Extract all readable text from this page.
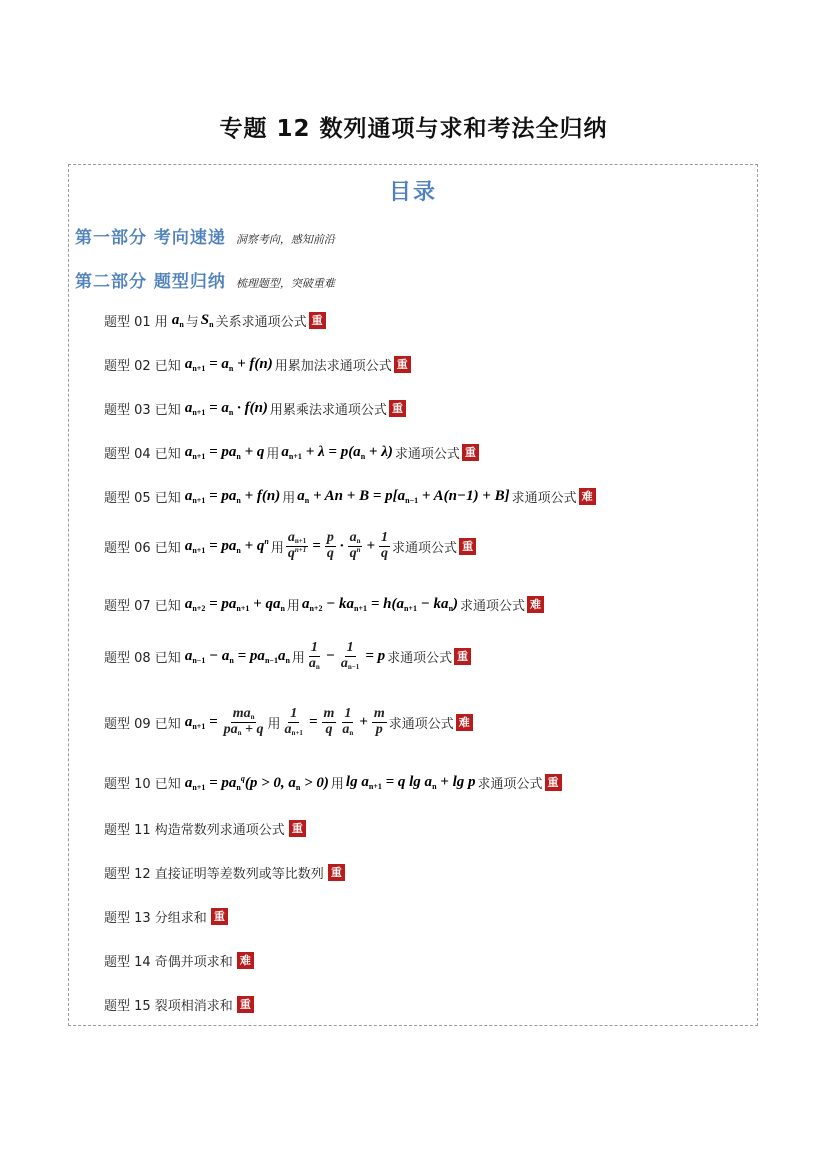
专题 12 数列通项与求和考法全归纳
目录
第一部分 考向速递 洞察考向，感知前沿
第二部分 题型归纳 梳理题型，突破重难
题型 01 用 $a_n$ 与 $S_n$ 关系求通项公式 重
题型 02 已知 $a_{n+1} = a_n + f(n)$ 用累加法求通项公式 重
题型 03 已知 $a_{n+1} = a_n \cdot f(n)$ 用累乘法求通项公式 重
题型 04 已知 $a_{n+1} = pa_n + q$ 用 $a_{n+1} + \lambda = p(a_n + \lambda)$ 求通项公式 重
题型 05 已知 $a_{n+1} = pa_n + f(n)$ 用 $a_n + An + B = p[a_{n-1} + A(n-1) + B]$ 求通项公式 难
题型 06 已知 $a_{n+1} = pa_n + q^n$ 用 $\frac{a_{n+1}}{q^{n+1}} = \frac{p}{q} \cdot \frac{a_n}{q^n} + \frac{1}{q}$ 求通项公式 重
题型 07 已知 $a_{n+2} = pa_{n+1} + qa_n$ 用 $a_{n+2} - ka_{n+1} = h(a_{n+1} - ka_n)$ 求通项公式 难
题型 08 已知 $a_{n-1} - a_n = pa_{n-1}a_n$ 用 $\frac{1}{a_n} - \frac{1}{a_{n-1}} = p$ 求通项公式 重
题型 09 已知 $a_{n+1} = \frac{ma_n}{pa_n + q}$ 用 $\frac{1}{a_{n+1}} = \frac{m}{q} \frac{1}{a_n} + \frac{m}{p}$ 求通项公式 难
题型 10 已知 $a_{n+1} = pa_n^q(p > 0$, $a_n > 0$) 用 $\lg a_{n+1} = q$ $\lg a_n + \lg p$ 求通项公式 重
题型 11 构造常数列求通项公式 重
题型 12 直接证明等差数列或等比数列 重
题型 13 分组求和 重
题型 14 奇偶并项求和 难
题型 15 裂项相消求和 重
